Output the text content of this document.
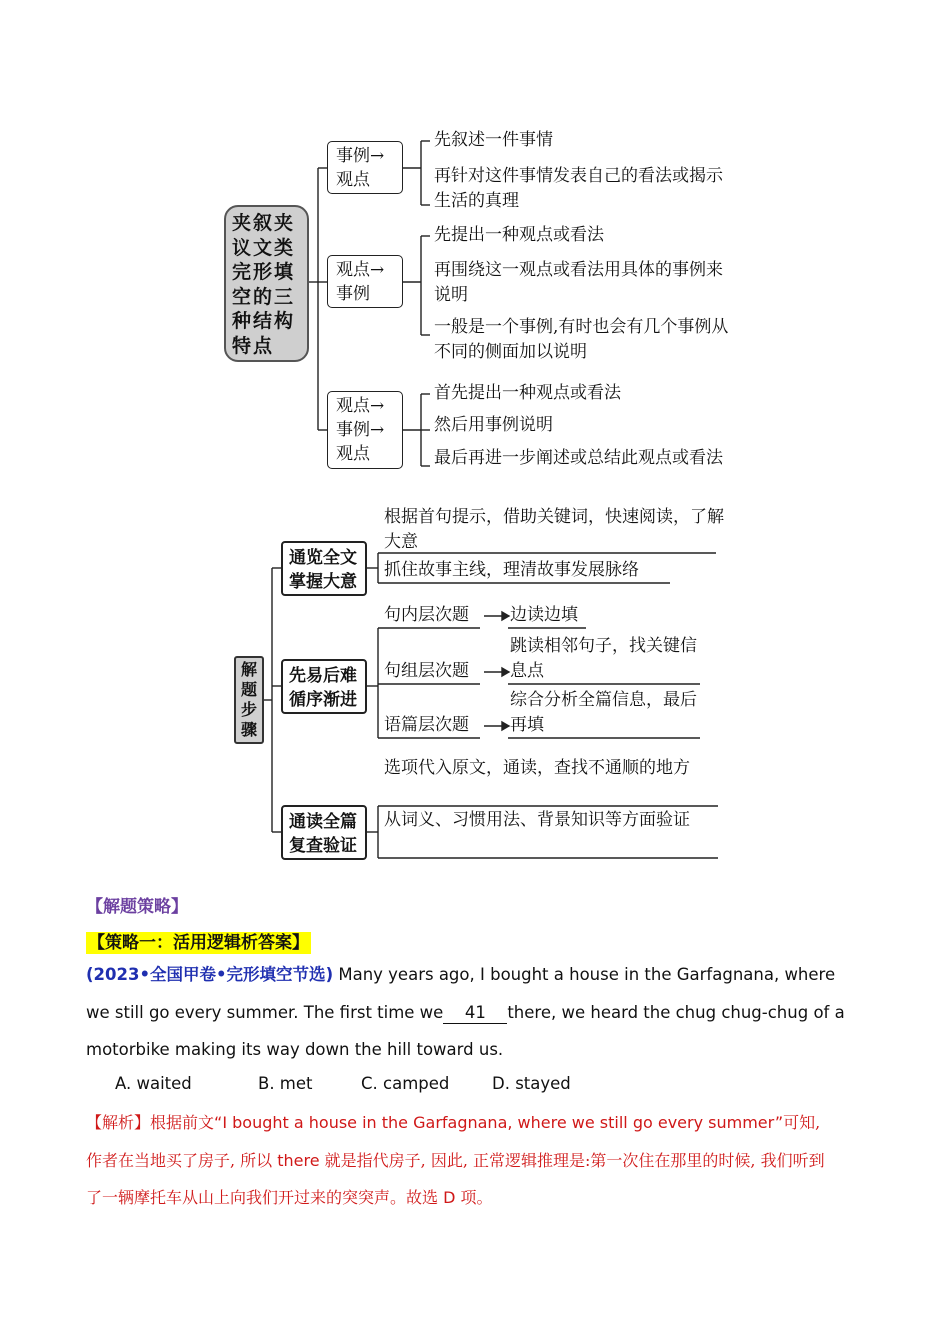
夹叙夹议文类完形填空的三种结构特点
事例→观点
观点→事例
观点→事例→观点
先叙述一件事情
再针对这件事情发表自己的看法或揭示生活的真理
先提出一种观点或看法
再围绕这一观点或看法用具体的事例来说明
一般是一个事例,有时也会有几个事例从不同的侧面加以说明
首先提出一种观点或看法
然后用事例说明
最后再进一步阐述或总结此观点或看法
解题步骤
通览全文掌握大意
先易后难循序渐进
通读全篇复查验证
根据首句提示，借助关键词，快速阅读，了解大意
抓住故事主线，理清故事发展脉络
句内层次题 边读边填
句组层次题
跳读相邻句子，找关键信息点
语篇层次题
综合分析全篇信息，最后再填
选项代入原文，通读，查找不通顺的地方
从词义、习惯用法、背景知识等方面验证
【解题策略】
【策略一：活用逻辑析答案】
(2023•全国甲卷•完形填空节选) Many years ago, I bought a house in the Garfagnana, where
we still go every summer. The first time we 41 there, we heard the chug chug-chug of a
motorbike making its way down the hill toward us.
A. waited	B. met	C. camped	D. stayed
【解析】根据前文“I bought a house in the Garfagnana, where we still go every summer”可知,
作者在当地买了房子, 所以 there 就是指代房子, 因此, 正常逻辑推理是:第一次住在那里的时候, 我们听到
了一辆摩托车从山上向我们开过来的突突声。故选 D 项。
